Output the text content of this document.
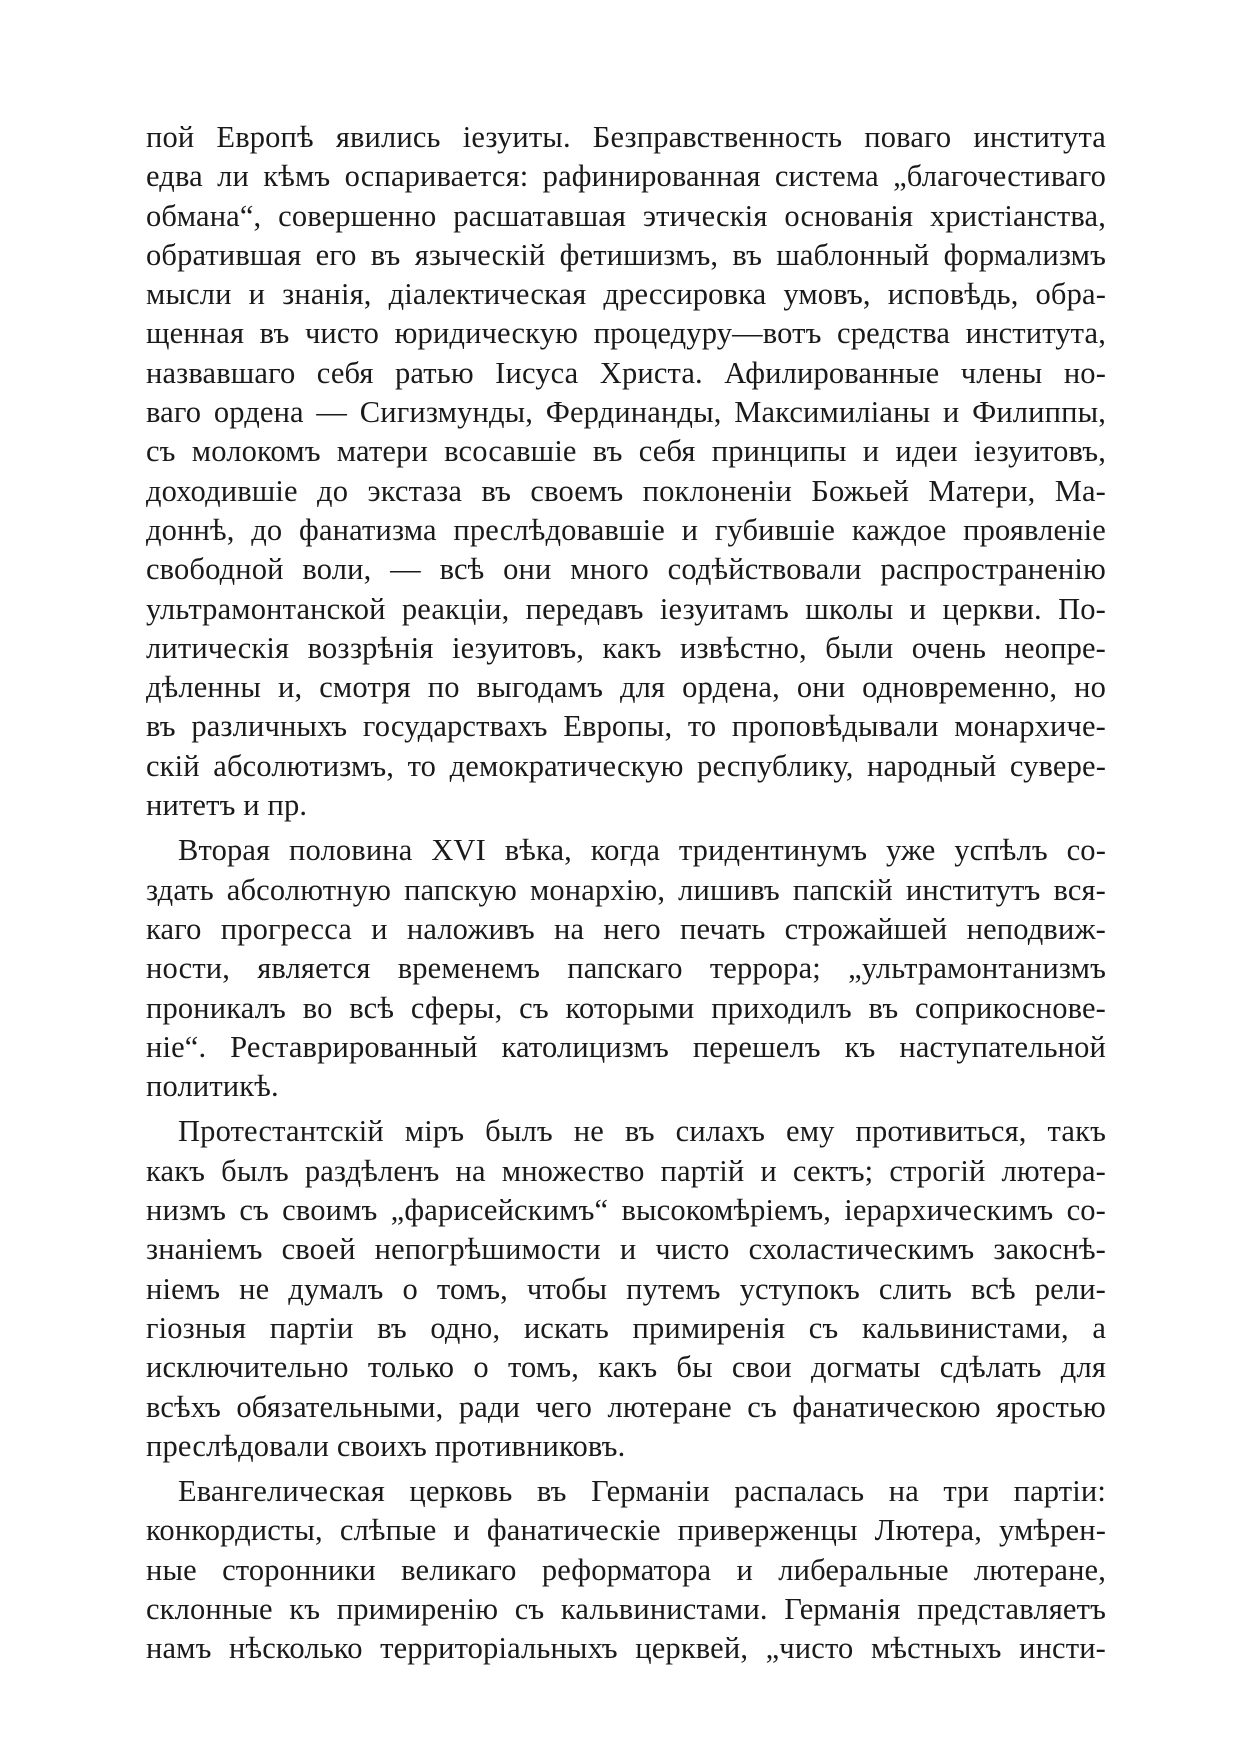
пой Европѣ явились іезуиты. Безправственность поваго института
едва ли кѣмъ оспаривается: рафинированная система „благочестиваго
обмана“, совершенно расшатавшая этическія основанія христіанства,
обратившая его въ языческій фетишизмъ, въ шаблонный формализмъ
мысли и знанія, діалектическая дрессировка умовъ, исповѣдь, обра-
щенная въ чисто юридическую процедуру—вотъ средства института,
назвавшаго себя ратью Іисуса Христа. Афилированные члены но-
ваго ордена — Сигизмунды, Фердинанды, Максимиліаны и Филиппы,
съ молокомъ матери всосавшіе въ себя принципы и идеи іезуитовъ,
доходившіе до экстаза въ своемъ поклоненіи Божьей Матери, Ма-
доннѣ, до фанатизма преслѣдовавшіе и губившіе каждое проявленіе
свободной воли, — всѣ они много содѣйствовали распространенію
ультрамонтанской реакціи, передавъ іезуитамъ школы и церкви. По-
литическія воззрѣнія іезуитовъ, какъ извѣстно, были очень неопре-
дѣленны и, смотря по выгодамъ для ордена, они одновременно, но
въ различныхъ государствахъ Европы, то проповѣдывали монархиче-
скій абсолютизмъ, то демократическую республику, народный сувере-
нитетъ и пр.
Вторая половина XVI вѣка, когда тридентинумъ уже успѣлъ со-
здать абсолютную папскую монархію, лишивъ папскій институтъ вся-
каго прогресса и наложивъ на него печать строжайшей неподвиж-
ности, является временемъ папскаго террора; „ультрамонтанизмъ
проникалъ во всѣ сферы, съ которыми приходилъ въ соприкоснове-
ніе“. Реставрированный католицизмъ перешелъ къ наступательной
политикѣ.
Протестантскій міръ былъ не въ силахъ ему противиться, такъ
какъ былъ раздѣленъ на множество партій и сектъ; строгій лютера-
низмъ съ своимъ „фарисейскимъ“ высокомѣріемъ, іерархическимъ со-
знаніемъ своей непогрѣшимости и чисто схоластическимъ закоснѣ-
ніемъ не думалъ о томъ, чтобы путемъ уступокъ слить всѣ рели-
гіозныя партіи въ одно, искать примиренія съ кальвинистами, а
исключительно только о томъ, какъ бы свои догматы сдѣлать для
всѣхъ обязательными, ради чего лютеране съ фанатическою яростью
преслѣдовали своихъ противниковъ.
Евангелическая церковь въ Германіи распалась на три партіи:
конкордисты, слѣпые и фанатическіе приверженцы Лютера, умѣрен-
ные сторонники великаго реформатора и либеральные лютеране,
склонные къ примиренію съ кальвинистами. Германія представляетъ
намъ нѣсколько территоріальныхъ церквей, „чисто мѣстныхъ инсти-
